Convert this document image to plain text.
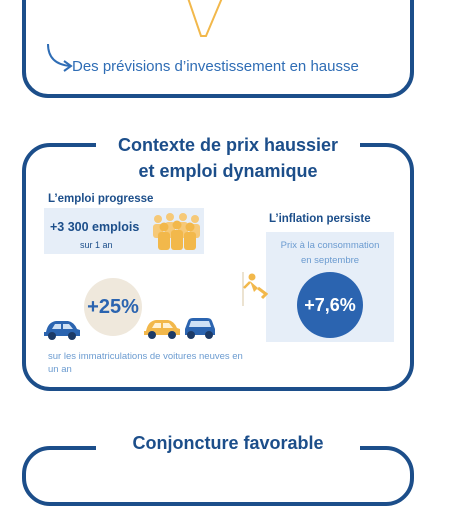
Des prévisions d’investissement en hausse
Contexte de prix haussier
et emploi dynamique
L’emploi progresse
+3 300 emplois
sur 1 an
L’inflation persiste
Prix à la consommation
en septembre
+7,6%
+25%
sur les immatriculations de voitures neuves en un an
Conjoncture favorable
